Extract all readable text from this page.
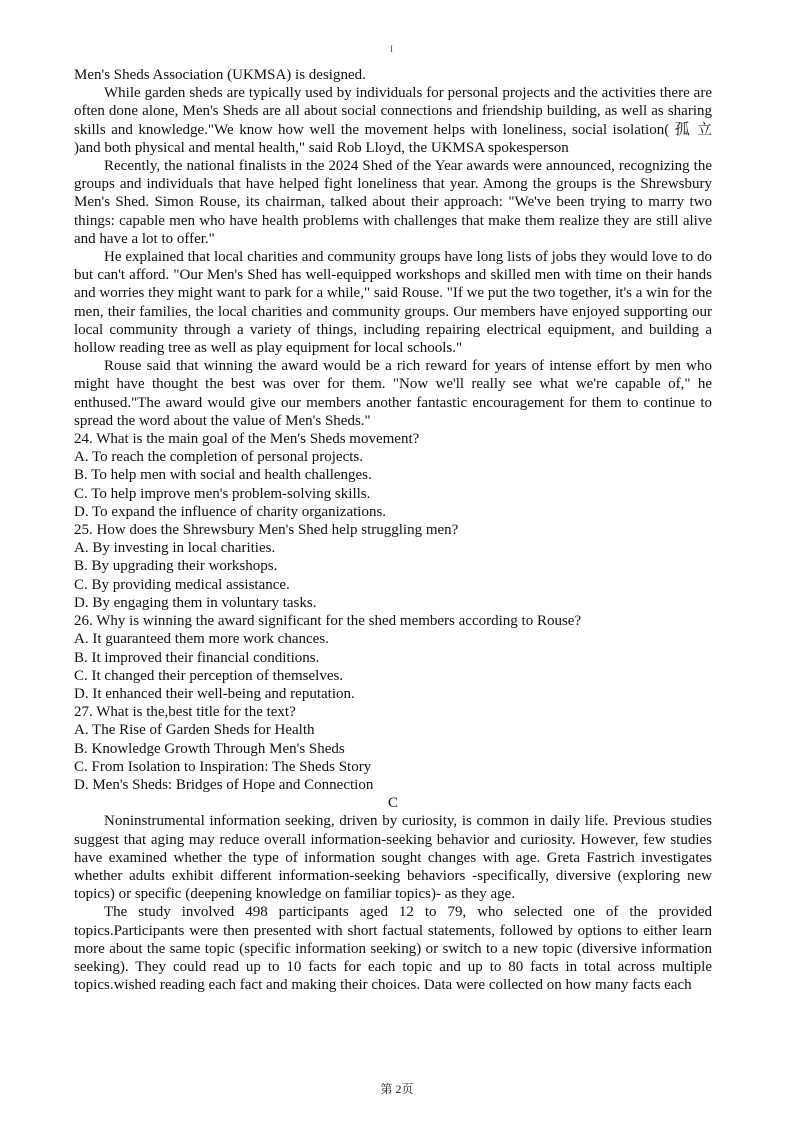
I

Men's Sheds Association (UKMSA) is designed.

While garden sheds are typically used by individuals for personal projects and the activities there are often done alone, Men's Sheds are all about social connections and friendship building, as well as sharing skills and knowledge."We know how well the movement helps with loneliness, social isolation( 孤 立 )and both physical and mental health," said Rob Lloyd, the UKMSA spokesperson

Recently, the national finalists in the 2024 Shed of the Year awards were announced, recognizing the groups and individuals that have helped fight loneliness that year. Among the groups is the Shrewsbury Men's Shed. Simon Rouse, its chairman, talked about their approach: "We've been trying to marry two things: capable men who have health problems with challenges that make them realize they are still alive and have a lot to offer."

He explained that local charities and community groups have long lists of jobs they would love to do but can't afford. "Our Men's Shed has well-equipped workshops and skilled men with time on their hands and worries they might want to park for a while," said Rouse. "If we put the two together, it's a win for the men, their families, the local charities and community groups. Our members have enjoyed supporting our local community through a variety of things, including repairing electrical equipment, and building a hollow reading tree as well as play equipment for local schools."

Rouse said that winning the award would be a rich reward for years of intense effort by men who might have thought the best was over for them. "Now we'll really see what we're capable of," he enthused."The award would give our members another fantastic encouragement for them to continue to spread the word about the value of Men's Sheds."

24. What is the main goal of the Men's Sheds movement?
A. To reach the completion of personal projects.
B. To help men with social and health challenges.
C. To help improve men's problem-solving skills.
D. To expand the influence of charity organizations.
25. How does the Shrewsbury Men's Shed help struggling men?
A. By investing in local charities.
B. By upgrading their workshops.
C. By providing medical assistance.
D. By engaging them in voluntary tasks.
26. Why is winning the award significant for the shed members according to Rouse?
A. It guaranteed them more work chances.
B. It improved their financial conditions.
C. It changed their perception of themselves.
D. It enhanced their well-being and reputation.
27. What is the,best title for the text?
A. The Rise of Garden Sheds for Health
B. Knowledge Growth Through Men's Sheds
C. From Isolation to Inspiration: The Sheds Story
D. Men's Sheds: Bridges of Hope and Connection
C

Noninstrumental information seeking, driven by curiosity, is common in daily life. Previous studies suggest that aging may reduce overall information-seeking behavior and curiosity. However, few studies have examined whether the type of information sought changes with age. Greta Fastrich investigates whether adults exhibit different information-seeking behaviors -specifically, diversive (exploring new topics) or specific (deepening knowledge on familiar topics)- as they age.

The study involved 498 participants aged 12 to 79, who selected one of the provided topics.Participants were then presented with short factual statements, followed by options to either learn more about the same topic (specific information seeking) or switch to a new topic (diversive information seeking). They could read up to 10 facts for each topic and up to 80 facts in total across multiple topics.wished reading each fact and making their choices. Data were collected on how many facts each

第 2页
